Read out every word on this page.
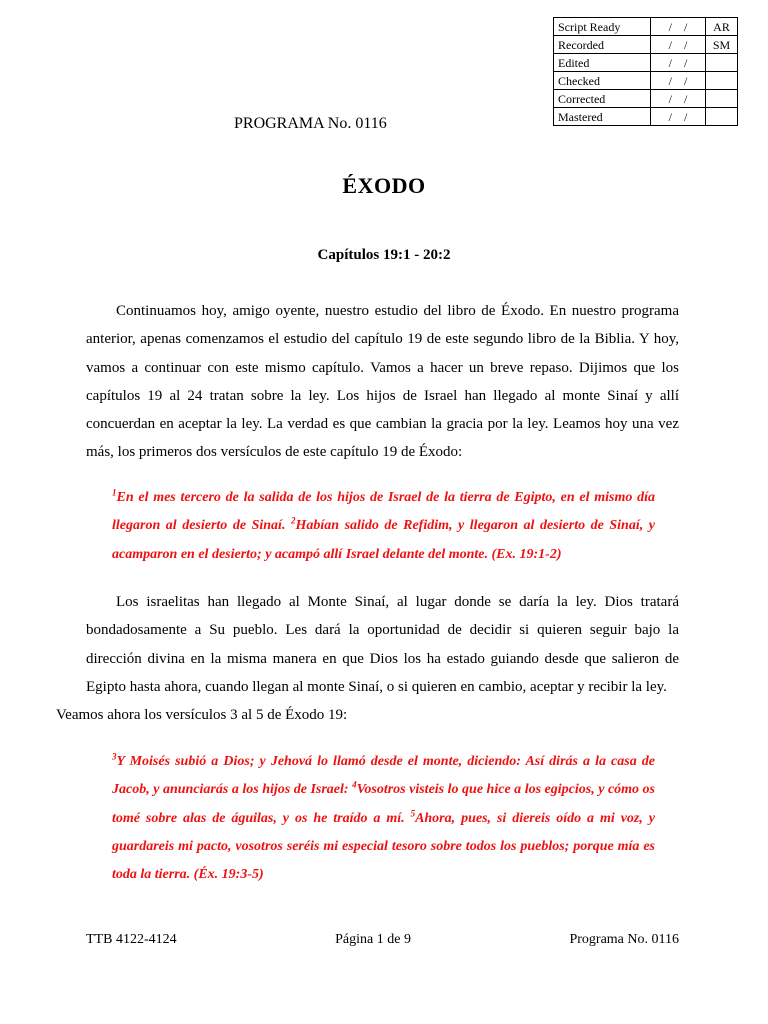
Script Ready	/    /	AR
Recorded	/    /	SM
Edited	/    /	
Checked	/    /	
Corrected	/    /	
Mastered	/    /	
PROGRAMA No. 0116
ÉXODO
Capítulos 19:1 - 20:2

Continuamos hoy, amigo oyente, nuestro estudio del libro de Éxodo. En nuestro programa anterior, apenas comenzamos el estudio del capítulo 19 de este segundo libro de la Biblia. Y hoy, vamos a continuar con este mismo capítulo. Vamos a hacer un breve repaso. Dijimos que los capítulos 19 al 24 tratan sobre la ley. Los hijos de Israel han llegado al monte Sinaí y allí concuerdan en aceptar la ley. La verdad es que cambian la gracia por la ley. Leamos hoy una vez más, los primeros dos versículos de este capítulo 19 de Éxodo:

$^1$En el mes tercero de la salida de los hijos de Israel de la tierra de Egipto, en el mismo día llegaron al desierto de Sinaí. $^2$Habían salido de Refidim, y llegaron al desierto de Sinaí, y acamparon en el desierto; y acampó allí Israel delante del monte. (Ex. 19:1-2)

Los israelitas han llegado al Monte Sinaí, al lugar donde se daría la ley. Dios tratará bondadosamente a Su pueblo. Les dará la oportunidad de decidir si quieren seguir bajo la dirección divina en la misma manera en que Dios los ha estado guiando desde que salieron de Egipto hasta ahora, cuando llegan al monte Sinaí, o si quieren en cambio, aceptar y recibir la ley.
Veamos ahora los versículos 3 al 5 de Éxodo 19:

$^3$Y Moisés subió a Dios; y Jehová lo llamó desde el monte, diciendo: Así dirás a la casa de Jacob, y anunciarás a los hijos de Israel: $^4$Vosotros visteis lo que hice a los egipcios, y cómo os tomé sobre alas de águilas, y os he traído a mí. $^5$Ahora, pues, si diereis oído a mi voz, y guardareis mi pacto, vosotros seréis mi especial tesoro sobre todos los pueblos; porque mía es toda la tierra. (Éx. 19:3-5)

TTB 4122-4124	Página 1 de 9	Programa No. 0116
